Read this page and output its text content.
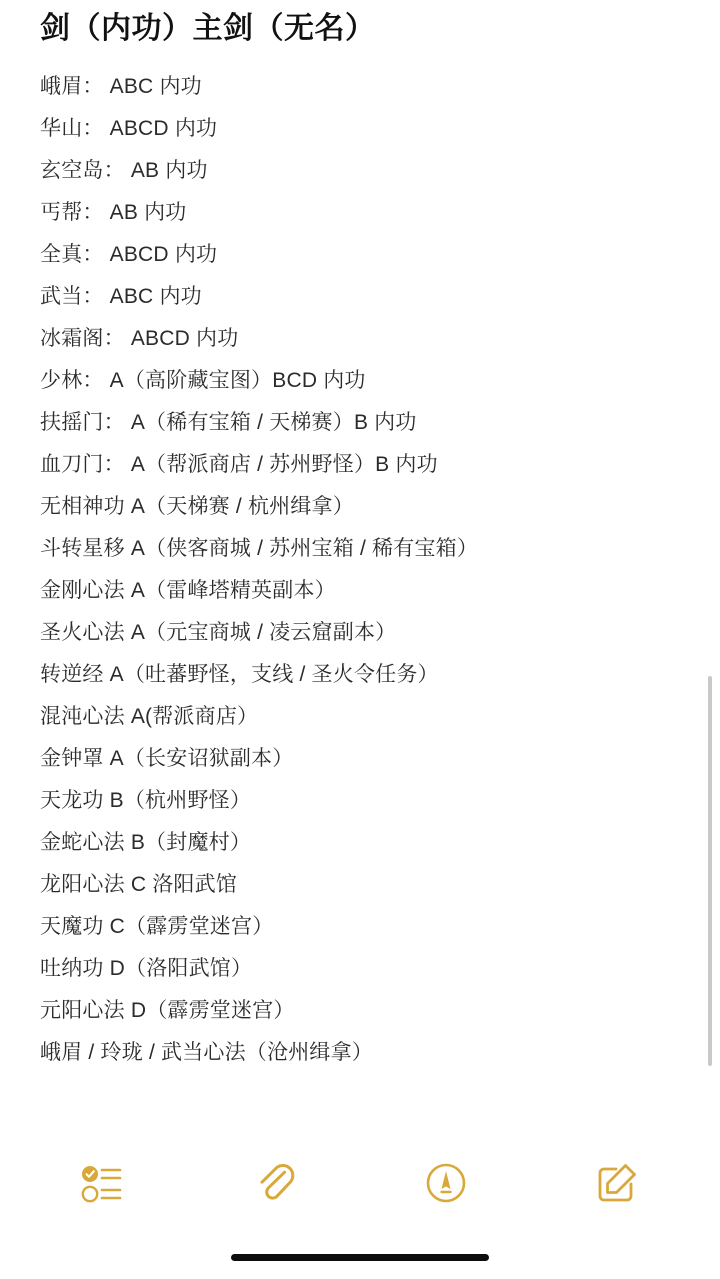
剑（内功）主剑（无名）
峨眉： ABC 内功
华山： ABCD 内功
玄空岛： AB 内功
丐帮： AB 内功
全真： ABCD 内功
武当： ABC 内功
冰霜阁： ABCD 内功
少林： A（高阶藏宝图）BCD 内功
扶摇门： A（稀有宝箱 / 天梯赛）B 内功
血刀门： A（帮派商店 / 苏州野怪）B 内功
无相神功 A（天梯赛 / 杭州缉拿）
斗转星移 A（侠客商城 / 苏州宝箱 / 稀有宝箱）
金刚心法 A（雷峰塔精英副本）
圣火心法 A（元宝商城 / 凌云窟副本）
转逆经 A（吐蕃野怪，支线 / 圣火令任务）
混沌心法 A(帮派商店）
金钟罩 A（长安诏狱副本）
天龙功 B（杭州野怪）
金蛇心法 B（封魔村）
龙阳心法 C 洛阳武馆
天魔功 C（霹雳堂迷宫）
吐纳功 D（洛阳武馆）
元阳心法 D（霹雳堂迷宫）
峨眉 / 玲珑 / 武当心法（沧州缉拿）
